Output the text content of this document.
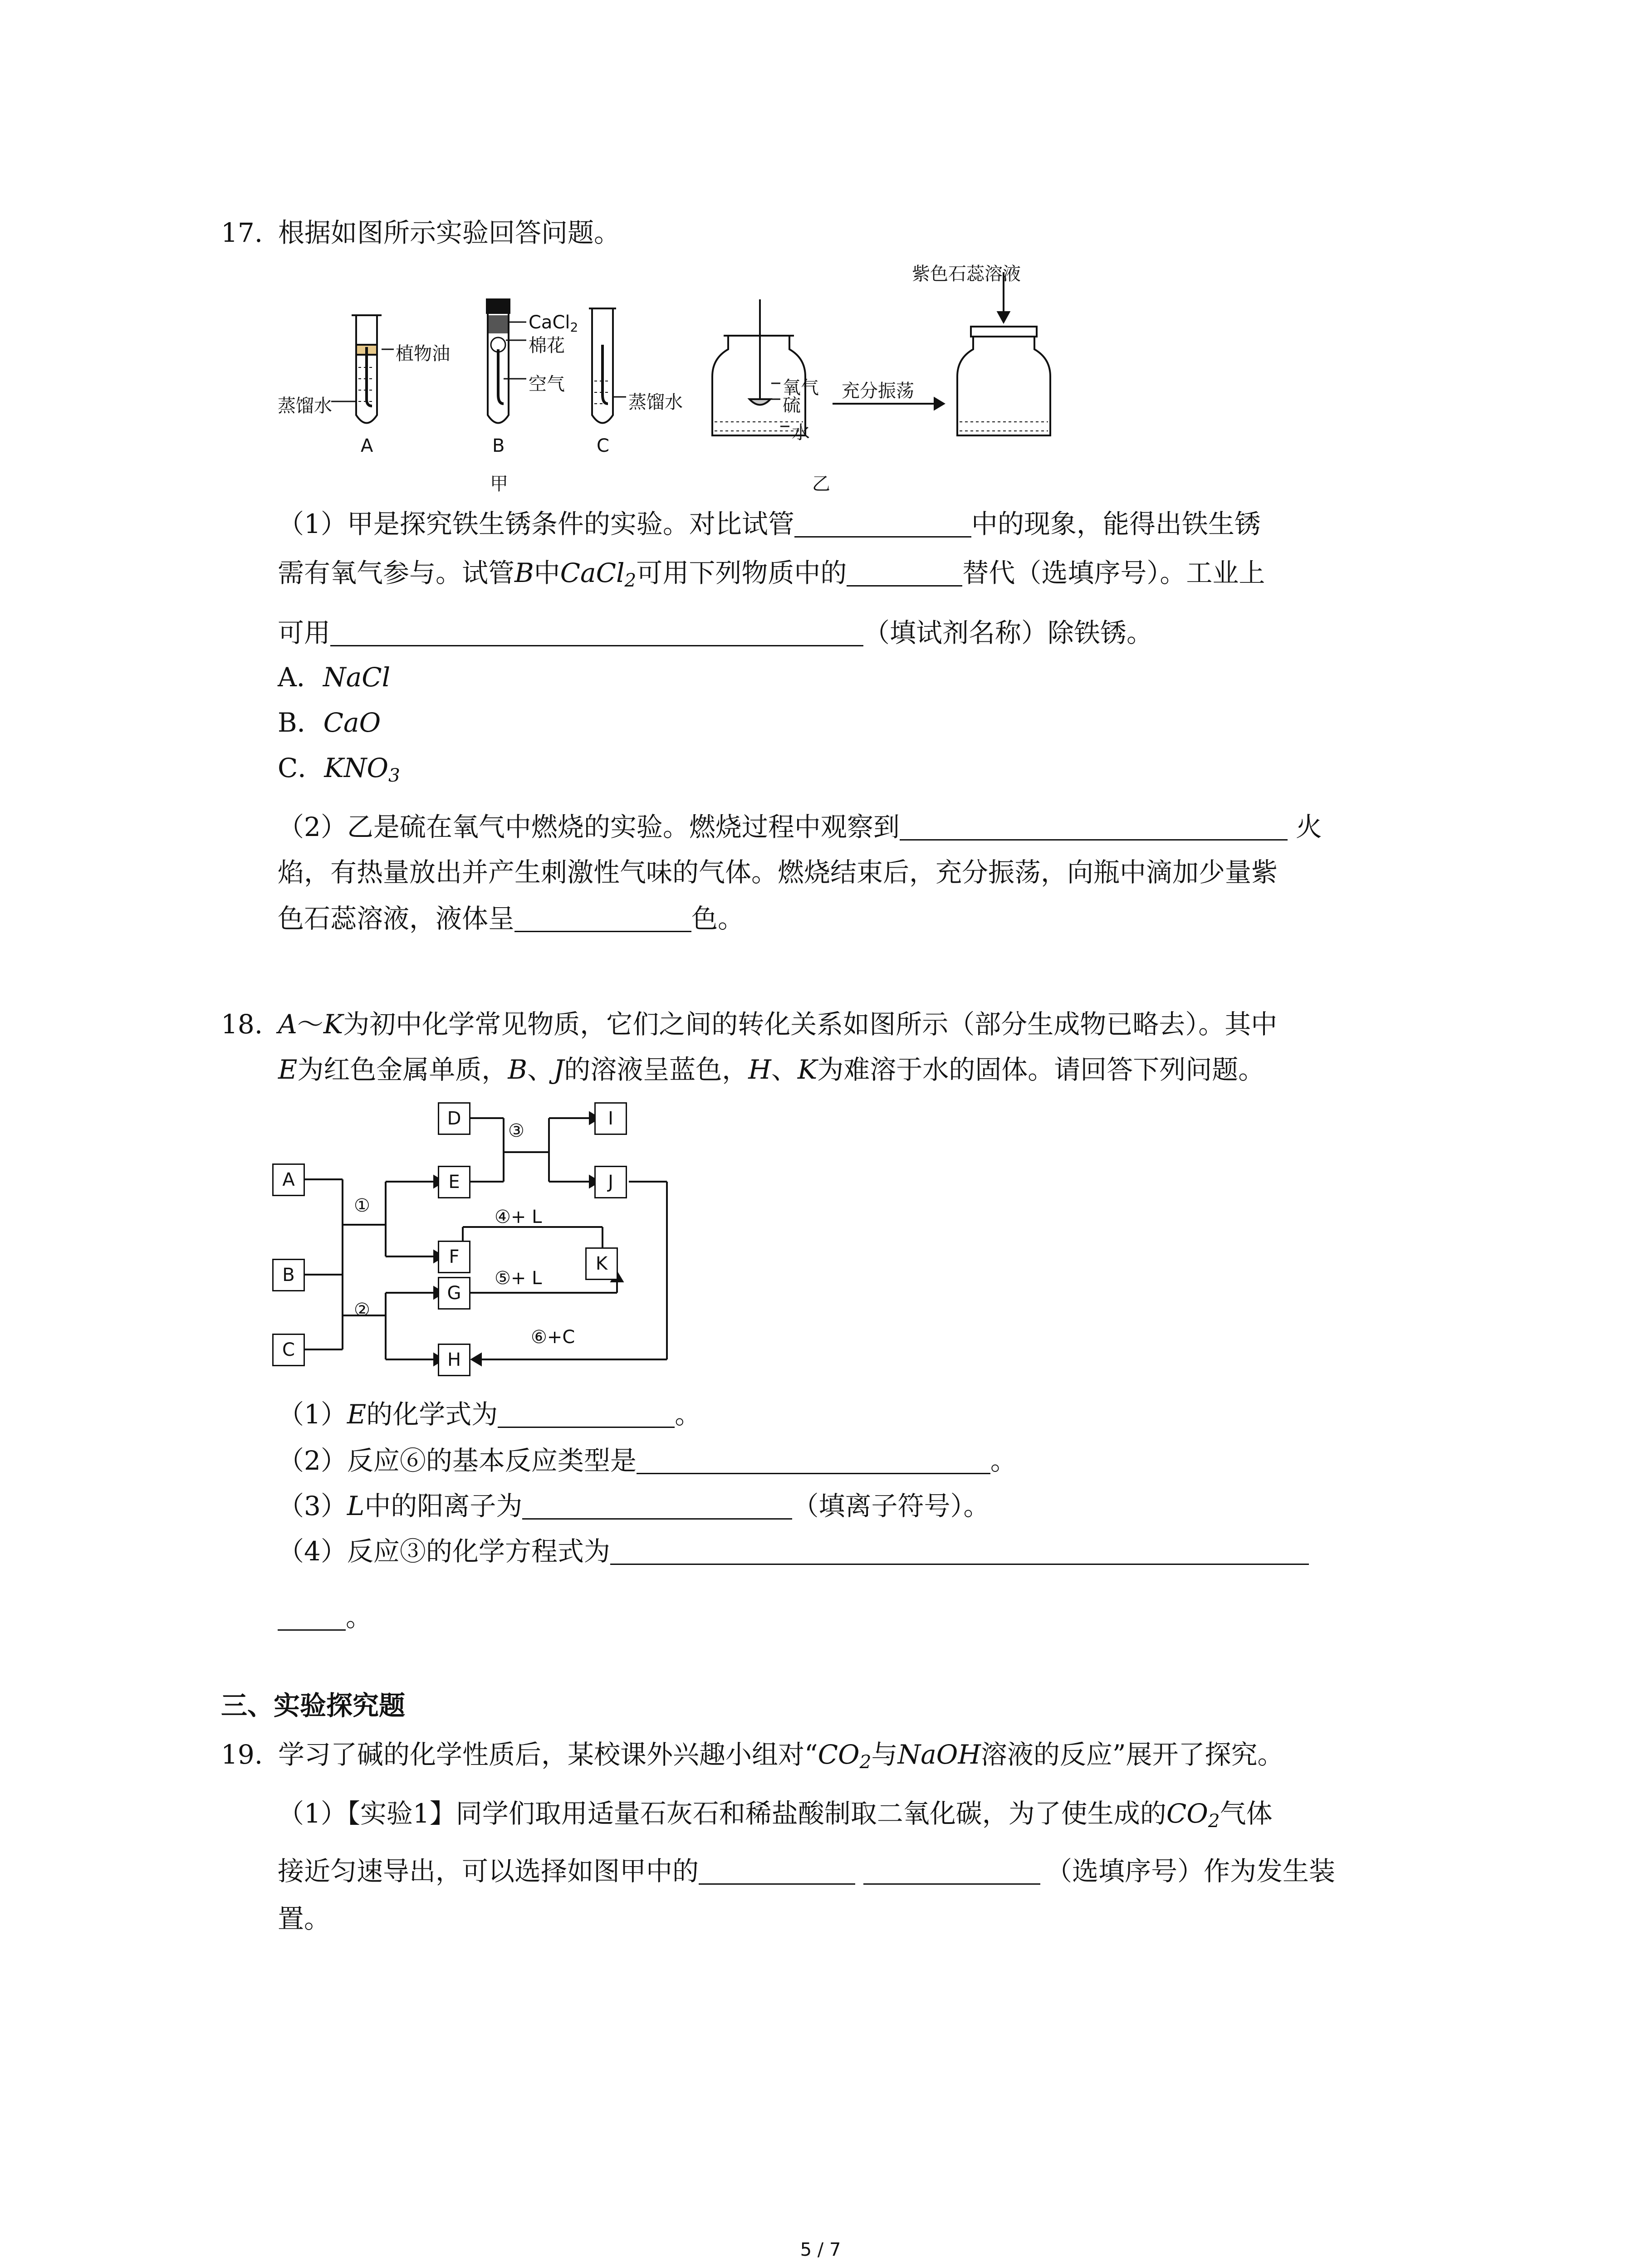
17. 根据如图所示实验回答问题。
紫色石蕊溶液
植物油
CaCl$_2$
棉花
空气
蒸馏水	蒸馏水
氧气
硫
水
充分振荡
A	B	C
甲	乙
（1）甲是探究铁生锈条件的实验。对比试管	中的现象，能得出铁生锈
需有氧气参与。试管B中CaCl$_2$可用下列物质中的	替代（选填序号）。工业上
可用	（填试剂名称）除铁锈。
A．NaCl
B．CaO
C．$KNO_3$
（2）乙是硫在氧气中燃烧的实验。燃烧过程中观察到	火
焰，有热量放出并产生刺激性气味的气体。燃烧结束后，充分振荡，向瓶中滴加少量紫
色石蕊溶液，液体呈	色。
18. A～K为初中化学常见物质，它们之间的转化关系如图所示（部分生成物已略去）。其中
E为红色金属单质，B、J的溶液呈蓝色，H、K为难溶于水的固体。请回答下列问题。
A
B
C
D
E
F
G
H
I
J
K
③
①
②
④+ L
⑤+ L
⑥+C
（1）E的化学式为	。
（2）反应⑥的基本反应类型是	。
（3）L中的阳离子为	（填离子符号）。
（4）反应③的化学方程式为
。
三、实验探究题
19. 学习了碱的化学性质后，某校课外兴趣小组对“$CO_2$与NaOH溶液的反应”展开了探究。
（1）【实验1】同学们取用适量石灰石和稀盐酸制取二氧化碳，为了使生成的$CO_2$气体
接近匀速导出，可以选择如图甲中的	（选填序号）作为发生装
置。
5 / 7
